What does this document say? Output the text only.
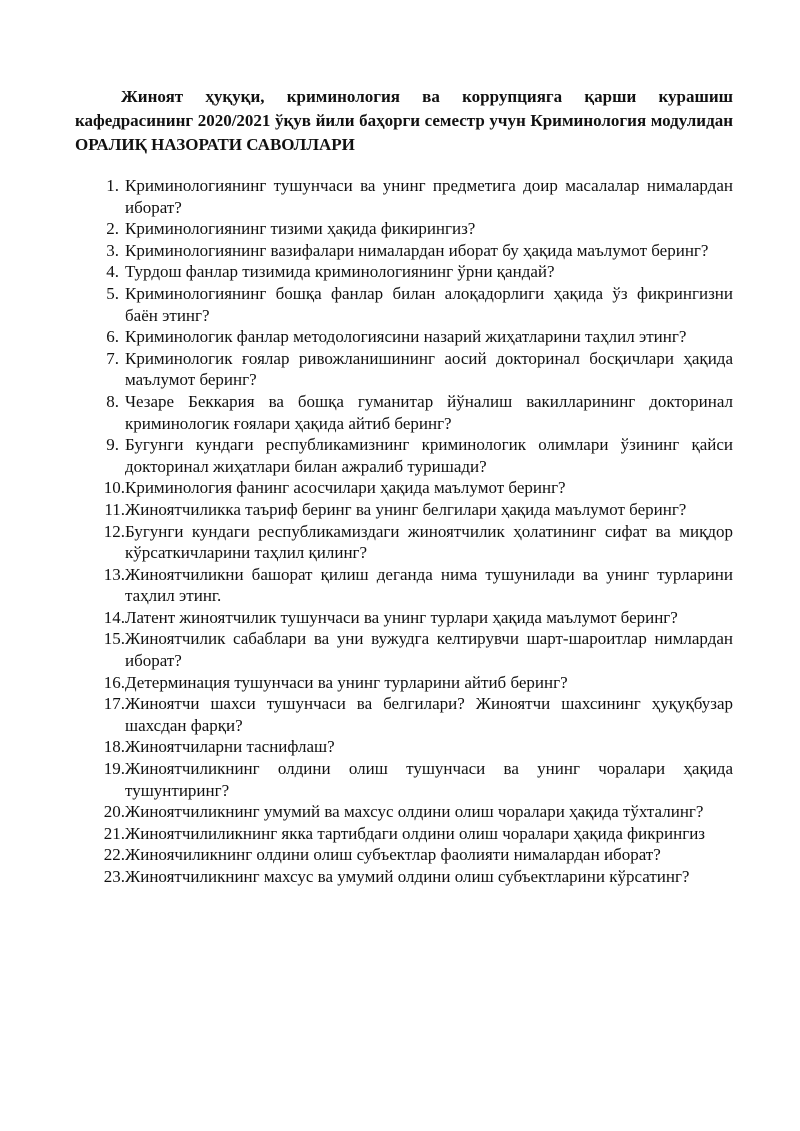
Жиноят ҳуқуқи, криминология ва коррупцияга қарши курашиш кафедрасининг 2020/2021 ўқув йили баҳорги семестр учун Криминология модулидан ОРАЛИҚ НАЗОРАТИ САВОЛЛАРИ

1. Криминологиянинг тушунчаси ва унинг предметига доир масалалар нималардан иборат?
2. Криминологиянинг тизими ҳақида фикирингиз?
3. Криминологиянинг вазифалари нималардан иборат бу ҳақида маълумот беринг?
4. Турдош фанлар тизимида криминологиянинг ўрни қандай?
5. Криминологиянинг бошқа фанлар билан алоқадорлиги ҳақида ўз фикрингизни баён этинг?
6. Криминологик фанлар методологиясини назарий жиҳатларини таҳлил этинг?
7. Криминологик ғоялар ривожланишининг аосий докторинал босқичлари ҳақида маълумот беринг?
8. Чезаре Беккария ва бошқа гуманитар йўналиш вакилларининг докторинал криминологик ғоялари ҳақида айтиб беринг?
9. Бугунги кундаги республикамизнинг криминологик олимлари ўзининг қайси докторинал жиҳатлари билан ажралиб туришади?
10. Криминология фанинг асосчилари ҳақида маълумот беринг?
11. Жиноятчиликка таъриф беринг ва унинг белгилари ҳақида маълумот беринг?
12. Бугунги кундаги республикамиздаги жиноятчилик ҳолатининг сифат ва миқдор кўрсаткичларини таҳлил қилинг?
13. Жиноятчиликни башорат қилиш деганда нима тушунилади ва унинг турларини таҳлил этинг.
14. Латент жиноятчилик тушунчаси ва унинг турлари ҳақида маълумот беринг?
15. Жиноятчилик сабаблари ва уни вужудга келтирувчи шарт-шароитлар нимлардан иборат?
16. Детерминация тушунчаси ва унинг турларини айтиб беринг?
17. Жиноятчи шахси тушунчаси ва белгилари? Жиноятчи шахсининг ҳуқуқбузар шахсдан фарқи?
18. Жиноятчиларни таснифлаш?
19. Жиноятчиликнинг олдини олиш тушунчаси ва унинг чоралари ҳақида тушунтиринг?
20. Жиноятчиликнинг умумий ва махсус олдини олиш чоралари ҳақида тўхталинг?
21. Жиноятчилиликнинг якка тартибдаги олдини олиш чоралари ҳақида фикрингиз
22. Жиноячиликнинг олдини олиш субъектлар фаолияти нималардан иборат?
23. Жиноятчиликнинг махсус ва умумий олдини олиш субъектларини кўрсатинг?
